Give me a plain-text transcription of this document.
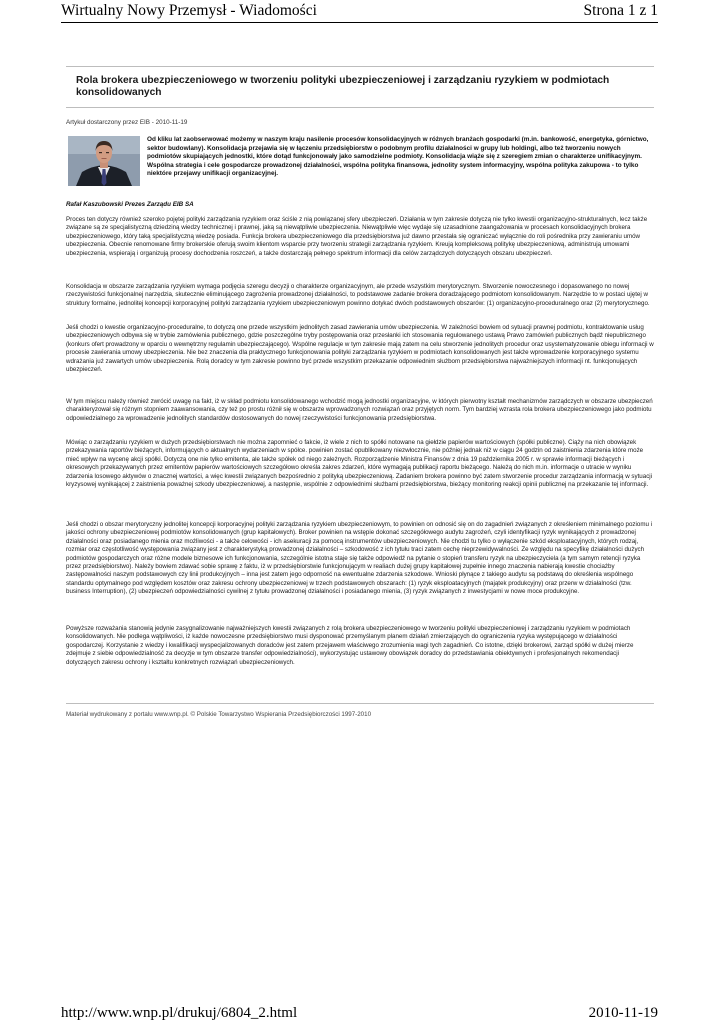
Wirtualny Nowy Przemysł - Wiadomości	Strona 1 z 1
Rola brokera ubezpieczeniowego w tworzeniu polityki ubezpieczeniowej i zarządzaniu ryzykiem w podmiotach konsolidowanych
Artykuł dostarczony przez EIB - 2010-11-19
Od kliku lat zaobserwować możemy w naszym kraju nasilenie procesów konsolidacyjnych w różnych branżach gospodarki (m.in. bankowość, energetyka, górnictwo, sektor budowlany). Konsolidacja przejawia się w łączeniu przedsiębiorstw o podobnym profilu działalności w grupy lub holdingi, albo też tworzeniu nowych podmiotów skupiających jednostki, które dotąd funkcjonowały jako samodzielne podmioty. Konsolidacja wiąże się z szeregiem zmian o charakterze unifikacyjnym. Wspólna strategia i cele gospodarcze prowadzonej działalności, wspólna polityka finansowa, jednolity system informacyjny, wspólna polityka zakupowa - to tylko niektóre przejawy unifikacji organizacyjnej.
Rafał Kaszubowski Prezes Zarządu EIB SA

Proces ten dotyczy również szeroko pojętej polityki zarządzania ryzykiem oraz ściśle z nią powiązanej sfery ubezpieczeń. Działania w tym zakresie dotyczą nie tylko kwestii organizacyjno-strukturalnych, lecz także związane są ze specjalistyczną dziedziną wiedzy technicznej i prawnej, jaką są niewątpliwie ubezpieczenia. Niewątpliwie więc wydaje się uzasadnione zaangażowania w procesach konsolidacyjnych brokera ubezpieczeniowego, który taką specjalistyczną wiedzę posiada. Funkcja brokera ubezpieczeniowego dla przedsiębiorstwa już dawno przestała się ograniczać wyłącznie do roli pośrednika przy zawieraniu umów ubezpieczenia. Obecnie renomowane firmy brokerskie oferują swoim klientom wsparcie przy tworzeniu strategii zarządzania ryzykiem. Kreują kompleksową politykę ubezpieczeniową, administrują umowami ubezpieczenia, wspierają i organizują procesy dochodzenia roszczeń, a także dostarczają pełnego spektrum informacji dla celów zarządczych dotyczących obszaru ubezpieczeń.

Konsolidacja w obszarze zarządzania ryzykiem wymaga podjęcia szeregu decyzji o charakterze organizacyjnym, ale przede wszystkim merytorycznym. Stworzenie nowoczesnego i dopasowanego no nowej rzeczywistości funkcjonalnej narzędzia, skutecznie eliminującego zagrożenia prowadzonej działalności, to podstawowe zadanie brokera doradzającego podmiotom konsolidowanym. Narzędzie to w postaci ujętej w struktury formalne, jednolitej koncepcji korporacyjnej polityki zarządzania ryzykiem ubezpieczeniowym powinno dotykać dwóch podstawowych obszarów: (1) organizacyjno-proceduralnego oraz (2) merytorycznego.

Jeśli chodzi o kwestie organizacyjno-proceduralne, to dotyczą one przede wszystkim jednolitych zasad zawierania umów ubezpieczenia. W zależności bowiem od sytuacji prawnej podmiotu, kontraktowanie usług ubezpieczeniowych odbywa się w trybie zamówienia publicznego, gdzie poszczególne tryby postępowania oraz przesłanki ich stosowania regulowanego ustawą Prawo zamówień publicznych bądź niepublicznego (konkurs ofert prowadzony w oparciu o wewnętrzny regulamin ubezpieczającego). Wspólne regulacje w tym zakresie mają zatem na celu stworzenie jednolitych procedur oraz usystematyzowanie obiegu informacji w procesie zawierania umowy ubezpieczenia. Nie bez znaczenia dla praktycznego funkcjonowania polityki zarządzania ryzykiem w podmiotach konsolidowanych jest także wprowadzenie korporacyjnego systemu wdrażania już zawartych umów ubezpieczenia. Rolą doradcy w tym zakresie powinno być przede wszystkim przekazanie odpowiednim służbom przedsiębiorstwa najważniejszych informacji nt. funkcjonujących ubezpieczeń.

W tym miejscu należy również zwrócić uwagę na fakt, iż w skład podmiotu konsolidowanego wchodzić mogą jednostki organizacyjne, w których pierwotny kształt mechanizmów zarządczych w obszarze ubezpieczeń charakteryzował się różnym stopniem zaawansowania, czy też po prostu różnił się w obszarze wprowadzonych rozwiązań oraz przyjętych norm. Tym bardziej wzrasta rola brokera ubezpieczeniowego jako podmiotu odpowiedzialnego za wprowadzenie jednolitych standardów dostosowanych do nowej rzeczywistości funkcjonowania przedsiębiorstwa.

Mówiąc o zarządzaniu ryzykiem w dużych przedsiębiorstwach nie można zapomnieć o fakcie, iż wiele z nich to spółki notowane na giełdzie papierów wartościowych (spółki publiczne). Ciąży na nich obowiązek przekazywania raportów bieżących, informujących o aktualnych wydarzeniach w spółce. powinien zostać opublikowany niezwłocznie, nie później jednak niż w ciągu 24 godzin od zaistnienia zdarzenia które może mieć wpływ na wycenę akcji spółki. Dotyczą one nie tylko emitenta, ale także spółek od niego zależnych. Rozporządzenie Ministra Finansów z dnia 19 października 2005 r. w sprawie informacji bieżących i okresowych przekazywanych przez emitentów papierów wartościowych szczegółowo określa zakres zdarzeń, które wymagają publikacji raportu bieżącego. Należą do nich m.in. informacje o utracie w wyniku zdarzenia losowego aktywów o znacznej wartości, a więc kwestii związanych bezpośrednio z polityką ubezpieczeniową. Zadaniem brokera powinno być zatem stworzenie procedur zarządzania informacją w sytuacji kryzysowej wynikającej z zaistnienia poważnej szkody ubezpieczeniowej, a następnie, wspólnie z odpowiednimi służbami przedsiębiorstwa, bieżący monitoring reakcji opinii publicznej na przekazanie tej informacji.

Jeśli chodzi o obszar merytoryczny jednolitej koncepcji korporacyjnej polityki zarządzania ryzykiem ubezpieczeniowym, to powinien on odnosić się on do zagadnień związanych z określeniem minimalnego poziomu i jakości ochrony ubezpieczeniowej podmiotów konsolidowanych (grup kapitałowych). Broker powinien na wstępie dokonać szczegółowego audytu zagrożeń, czyli identyfikacji ryzyk wynikających z prowadzonej działalności oraz posiadanego mienia oraz możliwości - a także celowości - ich asekuracji za pomocą instrumentów ubezpieczeniowych. Nie chodzi tu tylko o wyłączenie szkód eksploatacyjnych, których rodzaj, rozmiar oraz częstotliwość występowania związany jest z charakterystyką prowadzonej działalności – szkodowość z ich tytułu traci zatem cechę nieprzewidywalności. Ze względu na specyfikę działalności dużych podmiotów gospodarczych oraz różne modele biznesowe ich funkcjonowania, szczególnie istotna staje się także odpowiedź na pytanie o stopień transferu ryzyk na ubezpieczyciela (a tym samym retencji ryzyka przez przedsiębiorstwo). Należy bowiem zdawać sobie sprawę z faktu, iż w przedsiębiorstwie funkcjonującym w realiach dużej grupy kapitałowej zupełnie innego znaczenia nabierają kwestie chociażby zastępowalności naszym podstawowych czy linii produkcyjnych – inna jest zatem jego odporność na ewentualne zdarzenia szkodowe. Wnioski płynące z takiego audytu są podstawą do określenia wspólnego standardu optymalnego pod względem kosztów oraz zakresu ochrony ubezpieczeniowej w trzech podstawowych obszarach: (1) ryzyk eksploatacyjnych (majątek produkcyjny) oraz przerw w działalności (tzw. business Interruption), (2) ubezpieczeń odpowiedzialności cywilnej z tytułu prowadzonej działalności i posiadanego mienia, (3) ryzyk związanych z inwestycjami w nowe moce produkcyjne.

Powyższe rozważania stanowią jedynie zasygnalizowanie najważniejszych kwestii związanych z rolą brokera ubezpieczeniowego w tworzeniu polityki ubezpieczeniowej i zarządzaniu ryzykiem w podmiotach konsolidowanych. Nie podlega wątpliwości, iż każde nowoczesne przedsiębiorstwo musi dysponować przemyślanym planem działań zmierzających do ograniczenia ryzyka występującego w działalności gospodarczej. Korzystanie z wiedzy i kwalifikacji wyspecjalizowanych doradców jest zatem przejawem właściwego zrozumienia wagi tych zagadnień. Co istotne, dzięki brokerowi, zarząd spółki w dużej mierze zdejmuje z siebie odpowiedzialność za decyzje w tym obszarze transfer odpowiedzialności), wykorzystując ustawowy obowiązek doradcy do przedstawiania obiektywnych i profesjonalnych rekomendacji dotyczących zakresu ochrony i kształtu konkretnych rozwiązań ubezpieczeniowych.

Materiał wydrukowany z portalu www.wnp.pl. © Polskie Towarzystwo Wspierania Przedsiębiorczości 1997-2010
http://www.wnp.pl/drukuj/6804_2.html	2010-11-19
